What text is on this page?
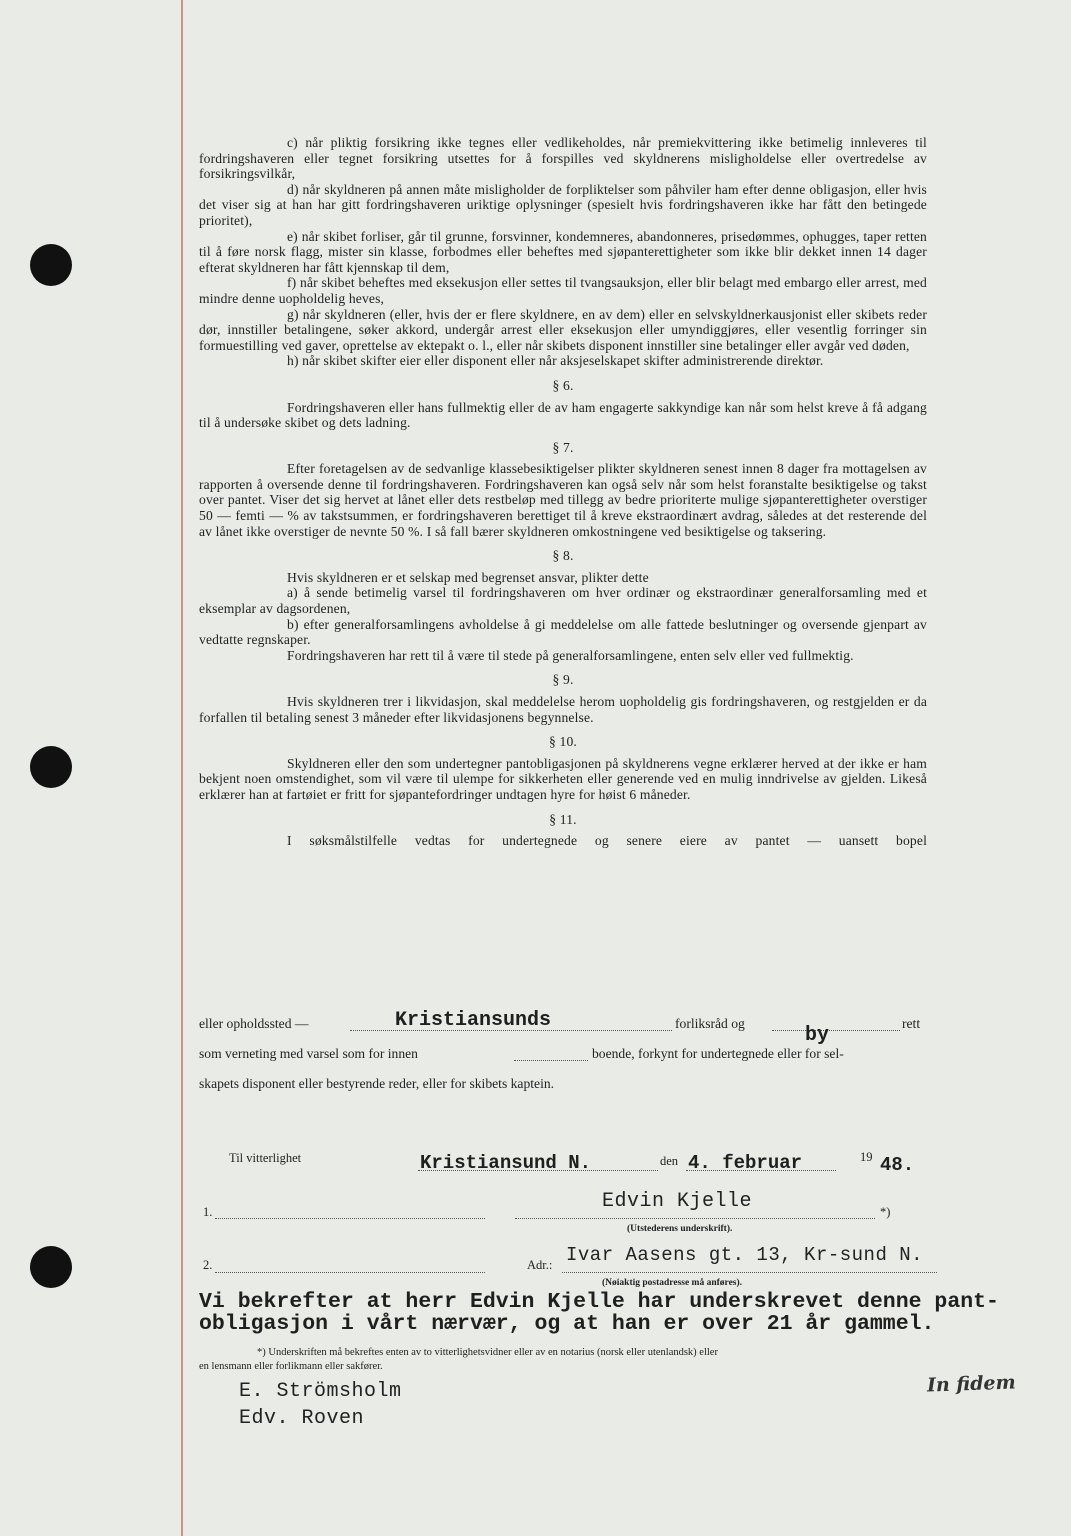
c) når pliktig forsikring ikke tegnes eller vedlikeholdes, når premiekvittering ikke betimelig innleveres til fordringshaveren eller tegnet forsikring utsettes for å forspilles ved skyldnerens misligholdelse eller overtredelse av forsikringsvilkår,

d) når skyldneren på annen måte misligholder de forpliktelser som påhviler ham efter denne obligasjon, eller hvis det viser sig at han har gitt fordringshaveren uriktige oplysninger (spesielt hvis fordringshaveren ikke har fått den betingede prioritet),

e) når skibet forliser, går til grunne, forsvinner, kondemneres, abandonneres, prisedømmes, ophugges, taper retten til å føre norsk flagg, mister sin klasse, forbodmes eller beheftes med sjøpanterettigheter som ikke blir dekket innen 14 dager efterat skyldneren har fått kjennskap til dem,

f) når skibet beheftes med eksekusjon eller settes til tvangsauksjon, eller blir belagt med embargo eller arrest, med mindre denne uopholdelig heves,

g) når skyldneren (eller, hvis der er flere skyldnere, en av dem) eller en selvskyldnerkausjonist eller skibets reder dør, innstiller betalingene, søker akkord, undergår arrest eller eksekusjon eller umyndiggjøres, eller vesentlig forringer sin formuestilling ved gaver, oprettelse av ektepakt o. l., eller når skibets disponent innstiller sine betalinger eller avgår ved døden,

h) når skibet skifter eier eller disponent eller når aksjeselskapet skifter administrerende direktør.

§ 6.

Fordringshaveren eller hans fullmektig eller de av ham engagerte sakkyndige kan når som helst kreve å få adgang til å undersøke skibet og dets ladning.

§ 7.

Efter foretagelsen av de sedvanlige klassebesiktigelser plikter skyldneren senest innen 8 dager fra mottagelsen av rapporten å oversende denne til fordringshaveren. Fordringshaveren kan også selv når som helst foranstalte besiktigelse og takst over pantet. Viser det sig hervet at lånet eller dets restbeløp med tillegg av bedre prioriterte mulige sjøpanterettigheter overstiger 50 — femti — % av takstsummen, er fordringshaveren berettiget til å kreve ekstraordinært avdrag, således at det resterende del av lånet ikke overstiger de nevnte 50 %. I så fall bærer skyldneren omkostningene ved besiktigelse og taksering.

§ 8.

Hvis skyldneren er et selskap med begrenset ansvar, plikter dette

a) å sende betimelig varsel til fordringshaveren om hver ordinær og ekstraordinær generalforsamling med et eksemplar av dagsordenen,

b) efter generalforsamlingens avholdelse å gi meddelelse om alle fattede beslutninger og oversende gjenpart av vedtatte regnskaper.

Fordringshaveren har rett til å være til stede på generalforsamlingene, enten selv eller ved fullmektig.

§ 9.

Hvis skyldneren trer i likvidasjon, skal meddelelse herom uopholdelig gis fordringshaveren, og restgjelden er da forfallen til betaling senest 3 måneder efter likvidasjonens begynnelse.

§ 10.

Skyldneren eller den som undertegner pantobligasjonen på skyldnerens vegne erklærer herved at der ikke er ham bekjent noen omstendighet, som vil være til ulempe for sikkerheten eller generende ved en mulig inndrivelse av gjelden. Likeså erklærer han at fartøiet er fritt for sjøpantefordringer undtagen hyre for høist 6 måneder.

§ 11.

I søksmålstilfelle vedtas for undertegnede og senere eiere av pantet — uansett bopel

eller opholdssted —	Kristiansunds	forliksråd og
by
rett
som verneting med varsel som for innen	boende, forkynt for undertegnede eller for sel-
skapets disponent eller bestyrende reder, eller for skibets kaptein.
Til vitterlighet	Kristiansund N.	den 4. februar	19 48.
1.	Edvin Kjelle	*)
(Utstederens underskrift).
2.	Adr.: Ivar Aasens gt. 13, Kr-sund N.
(Nøiaktig postadresse må anføres).
Vi bekrefter at herr Edvin Kjelle har underskrevet denne pant-
obligasjon i vårt nærvær, og at han er over 21 år gammel.
*) Underskriften må bekreftes enten av to vitterlighetsvidner eller av en notarius (norsk eller utenlandsk) eller
en lensmann eller forlikmann eller sakfører.
E. Strömsholm
Edv. Roven
In fidem
